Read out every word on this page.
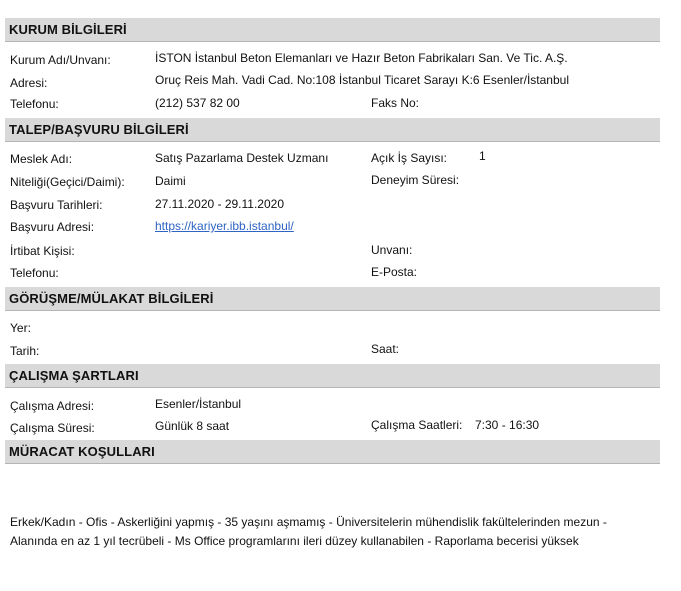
KURUM BİLGİLERİ
Kurum Adı/Unvanı:	İSTON İstanbul Beton Elemanları ve Hazır Beton Fabrikaları San. Ve Tic. A.Ş.
Adresi:	Oruç Reis Mah. Vadi Cad. No:108 İstanbul Ticaret Sarayı K:6 Esenler/İstanbul
Telefonu:	(212) 537 82 00	Faks No:
TALEP/BAŞVURU BİLGİLERİ
Meslek Adı:	Satış Pazarlama Destek Uzmanı	Açık İş Sayısı:	1
Niteliği(Geçici/Daimi):	Daimi	Deneyim Süresi:
Başvuru Tarihleri:	27.11.2020 - 29.11.2020
Başvuru Adresi:	https://kariyer.ibb.istanbul/
İrtibat Kişisi:	Unvanı:
Telefonu:	E-Posta:
GÖRÜŞME/MÜLAKAT BİLGİLERİ
Yer:
Tarih:	Saat:
ÇALIŞMA ŞARTLARI
Çalışma Adresi:	Esenler/İstanbul
Çalışma Süresi:	Günlük 8 saat	Çalışma Saatleri: 7:30 - 16:30
MÜRACAT KOŞULLARI
Erkek/Kadın - Ofis - Askerliğini yapmış - 35 yaşını aşmamış - Üniversitelerin mühendislik fakültelerinden mezun -
Alanında en az 1 yıl tecrübeli - Ms Office programlarını ileri düzey kullanabilen - Raporlama becerisi yüksek
